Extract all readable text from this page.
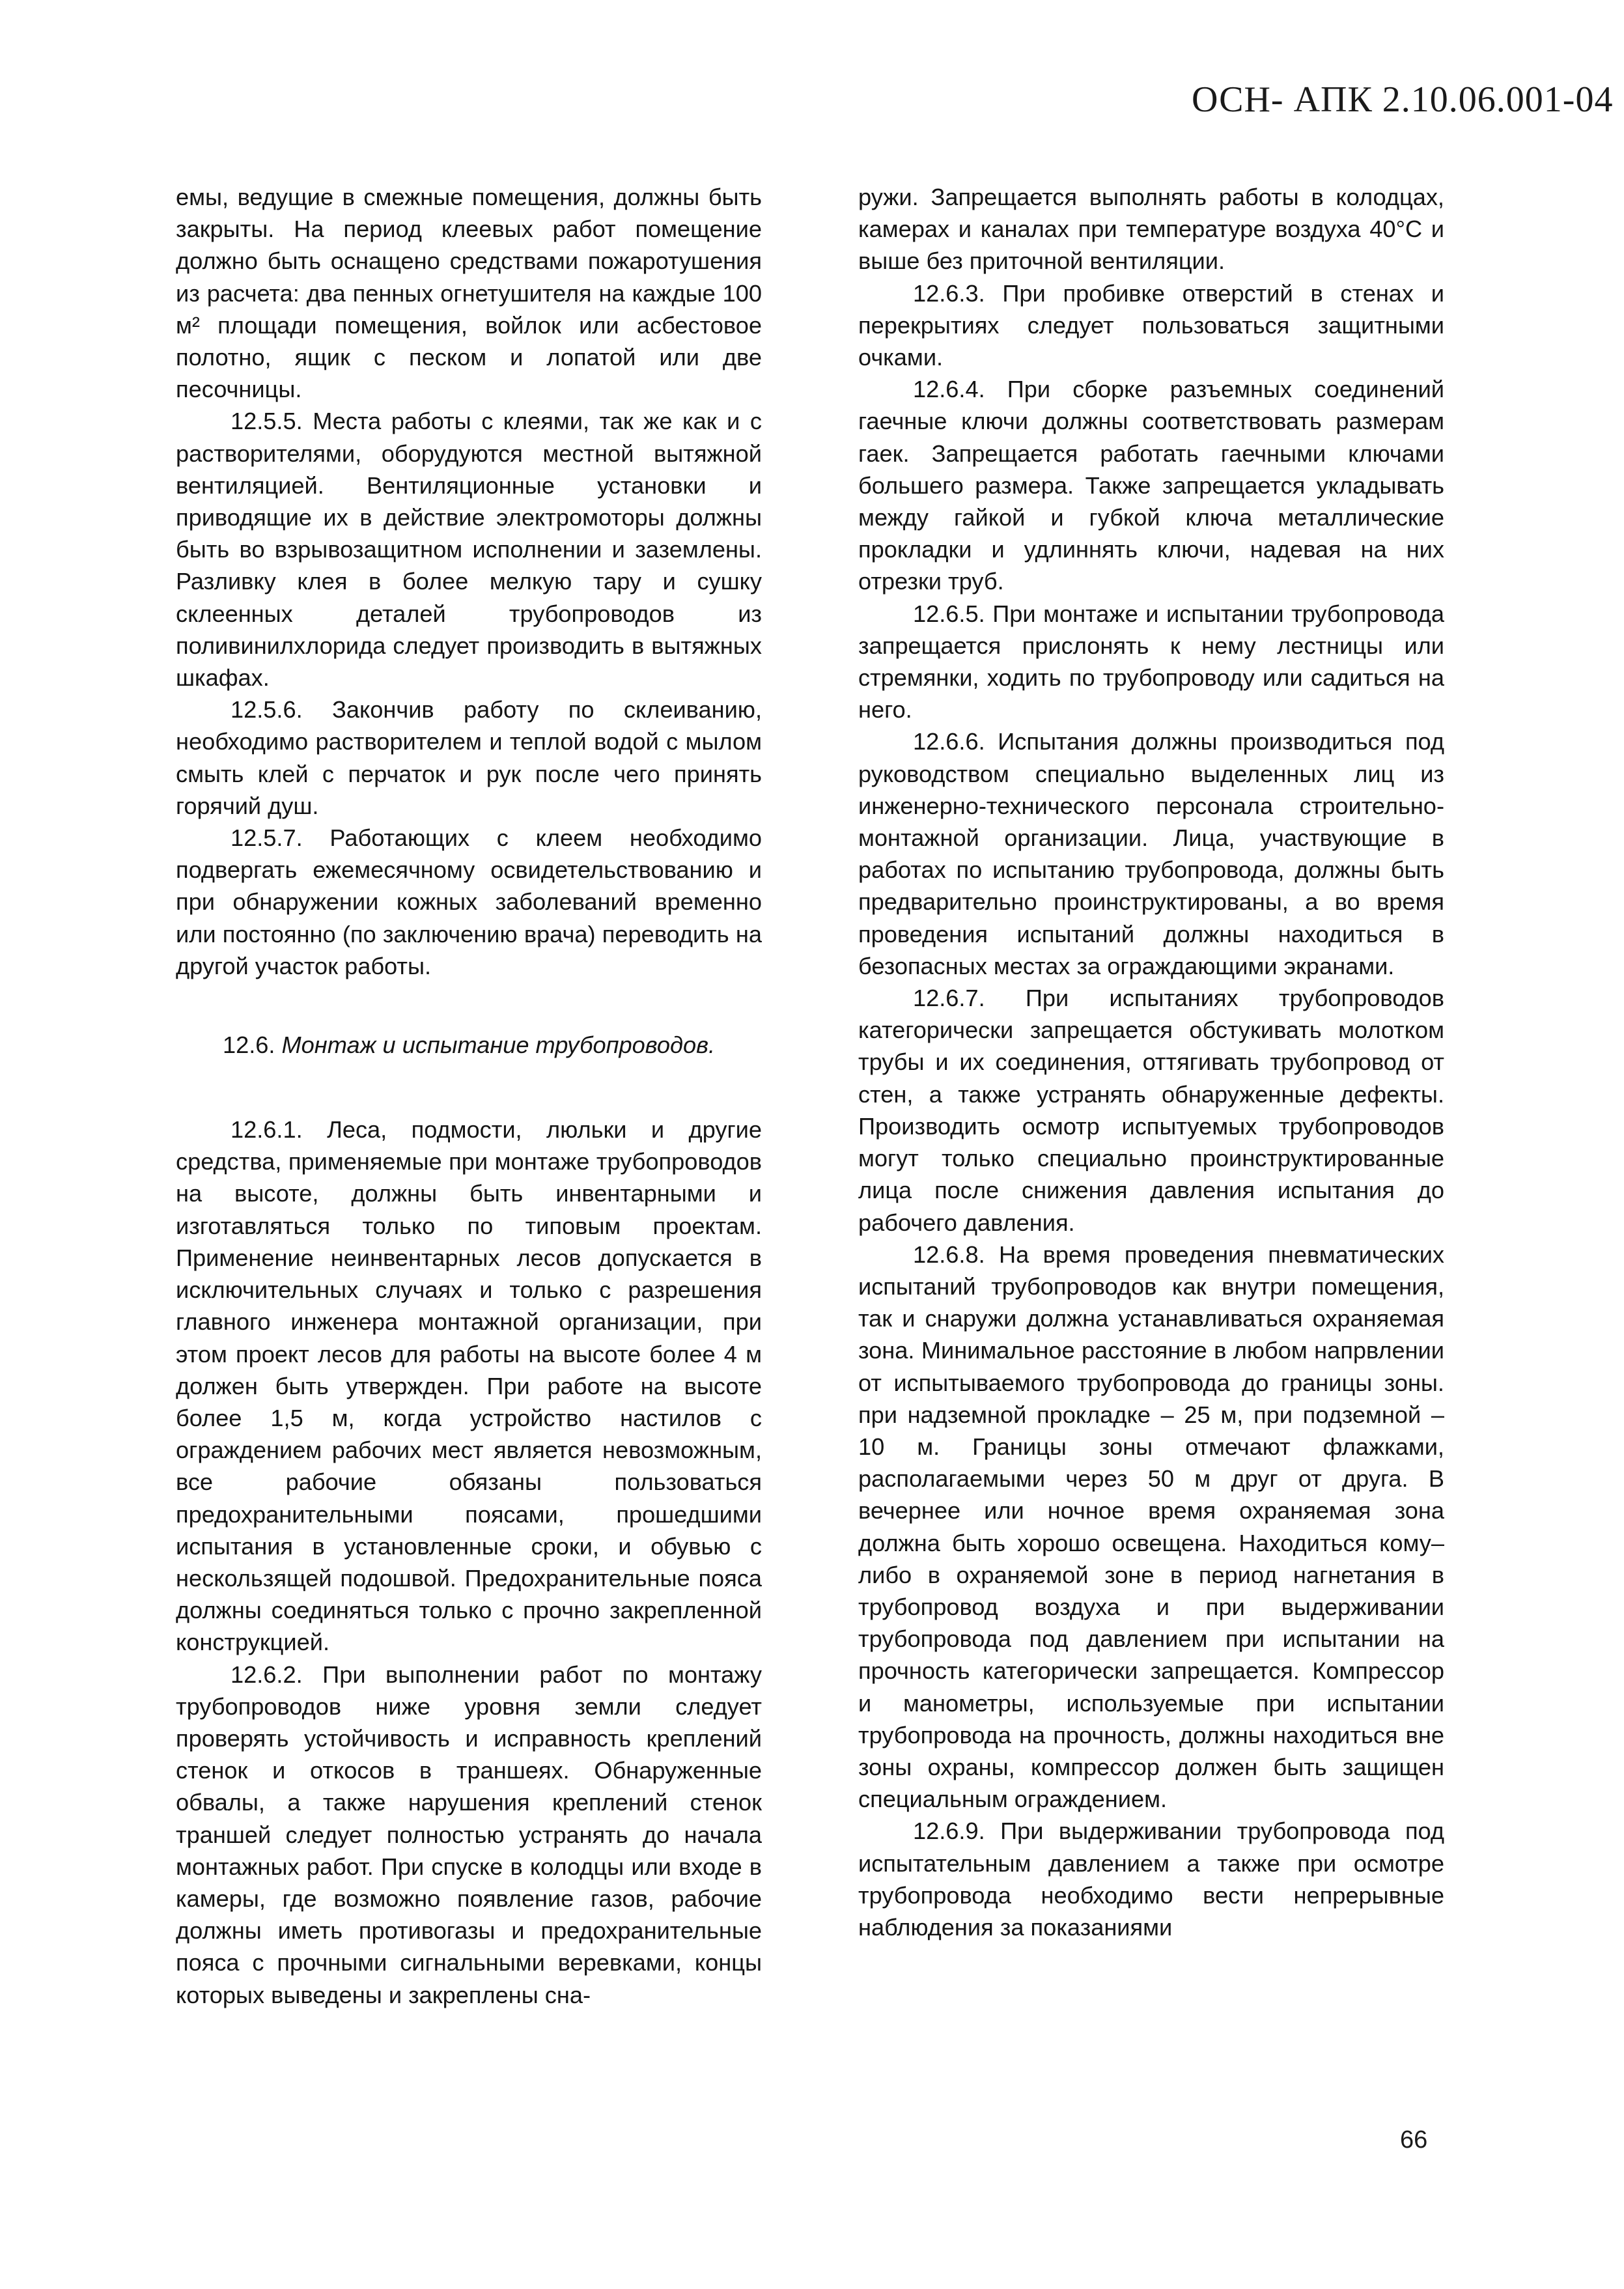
ОСН- АПК 2.10.06.001-04

емы, ведущие в смежные помещения, должны быть закрыты. На период клеевых работ помещение должно быть оснащено средствами пожаротушения из расчета: два пенных огнетушителя на каждые 100 м² площади помещения, войлок или асбестовое полотно, ящик с песком и лопатой или две песочницы.

12.5.5. Места работы с клеями, так же как и с растворителями, оборудуются местной вытяжной вентиляцией. Вентиляционные установки и приводящие их в действие электромоторы должны быть во взрывозащитном исполнении и заземлены. Разливку клея в более мелкую тару и сушку склеенных деталей трубопроводов из поливинилхлорида следует производить в вытяжных шкафах.

12.5.6. Закончив работу по склеиванию, необходимо растворителем и теплой водой с мылом смыть клей с перчаток и рук после чего принять горячий душ.

12.5.7. Работающих с клеем необходимо подвергать ежемесячному освидетельствованию и при обнаружении кожных заболеваний временно или постоянно (по заключению врача) переводить на другой участок работы.

12.6. Монтаж и испытание трубопроводов.

12.6.1. Леса, подмости, люльки и другие средства, применяемые при монтаже трубопроводов на высоте, должны быть инвентарными и изготавляться только по типовым проектам. Применение неинвентарных лесов допускается в исключительных случаях и только с разрешения главного инженера монтажной организации, при этом проект лесов для работы на высоте более 4 м должен быть утвержден. При работе на высоте более 1,5 м, когда устройство настилов с ограждением рабочих мест является невозможным, все рабочие обязаны пользоваться предохранительными поясами, прошедшими испытания в установленные сроки, и обувью с нескользящей подошвой. Предохранительные пояса должны соединяться только с прочно закрепленной конструкцией.

12.6.2. При выполнении работ по монтажу трубопроводов ниже уровня земли следует проверять устойчивость и исправность креплений стенок и откосов в траншеях. Обнаруженные обвалы, а также нарушения креплений стенок траншей следует полностью устранять до начала монтажных работ. При спуске в колодцы или входе в камеры, где возможно появление газов, рабочие должны иметь противогазы и предохранительные пояса с прочными сигнальными веревками, концы которых выведены и закреплены сна-

ружи. Запрещается выполнять работы в колодцах, камерах и каналах при температуре воздуха 40°С и выше без приточной вентиляции.

12.6.3. При пробивке отверстий в стенах и перекрытиях следует пользоваться защитными очками.

12.6.4. При сборке разъемных соединений гаечные ключи должны соответствовать размерам гаек. Запрещается работать гаечными ключами большего размера. Также запрещается укладывать между гайкой и губкой ключа металлические прокладки и удлиннять ключи, надевая на них отрезки труб.

12.6.5. При монтаже и испытании трубопровода запрещается прислонять к нему лестницы или стремянки, ходить по трубопроводу или садиться на него.

12.6.6. Испытания должны производиться под руководством специально выделенных лиц из инженерно-технического персонала строительно-монтажной организации. Лица, участвующие в работах по испытанию трубопровода, должны быть предварительно проинструктированы, а во время проведения испытаний должны находиться в безопасных местах за ограждающими экранами.

12.6.7. При испытаниях трубопроводов категорически запрещается обстукивать молотком трубы и их соединения, оттягивать трубопровод от стен, а также устранять обнаруженные дефекты. Производить осмотр испытуемых трубопроводов могут только специально проинструктированные лица после снижения давления испытания до рабочего давления.

12.6.8. На время проведения пневматических испытаний трубопроводов как внутри помещения, так и снаружи должна устанавливаться охраняемая зона. Минимальное расстояние в любом напрвлении от испытываемого трубопровода до границы зоны. при надземной прокладке – 25 м, при подземной – 10 м. Границы зоны отмечают флажками, располагаемыми через 50 м друг от друга. В вечернее или ночное время охраняемая зона должна быть хорошо освещена. Находиться кому–либо в охраняемой зоне в период нагнетания в трубопровод воздуха и при выдерживании трубопровода под давлением при испытании на прочность категорически запрещается. Компрессор и манометры, используемые при испытании трубопровода на прочность, должны находиться вне зоны охраны, компрессор должен быть защищен специальным ограждением.

12.6.9. При выдерживании трубопровода под испытательным давлением а также при осмотре трубопровода необходимо вести непрерывные наблюдения за показаниями

66
